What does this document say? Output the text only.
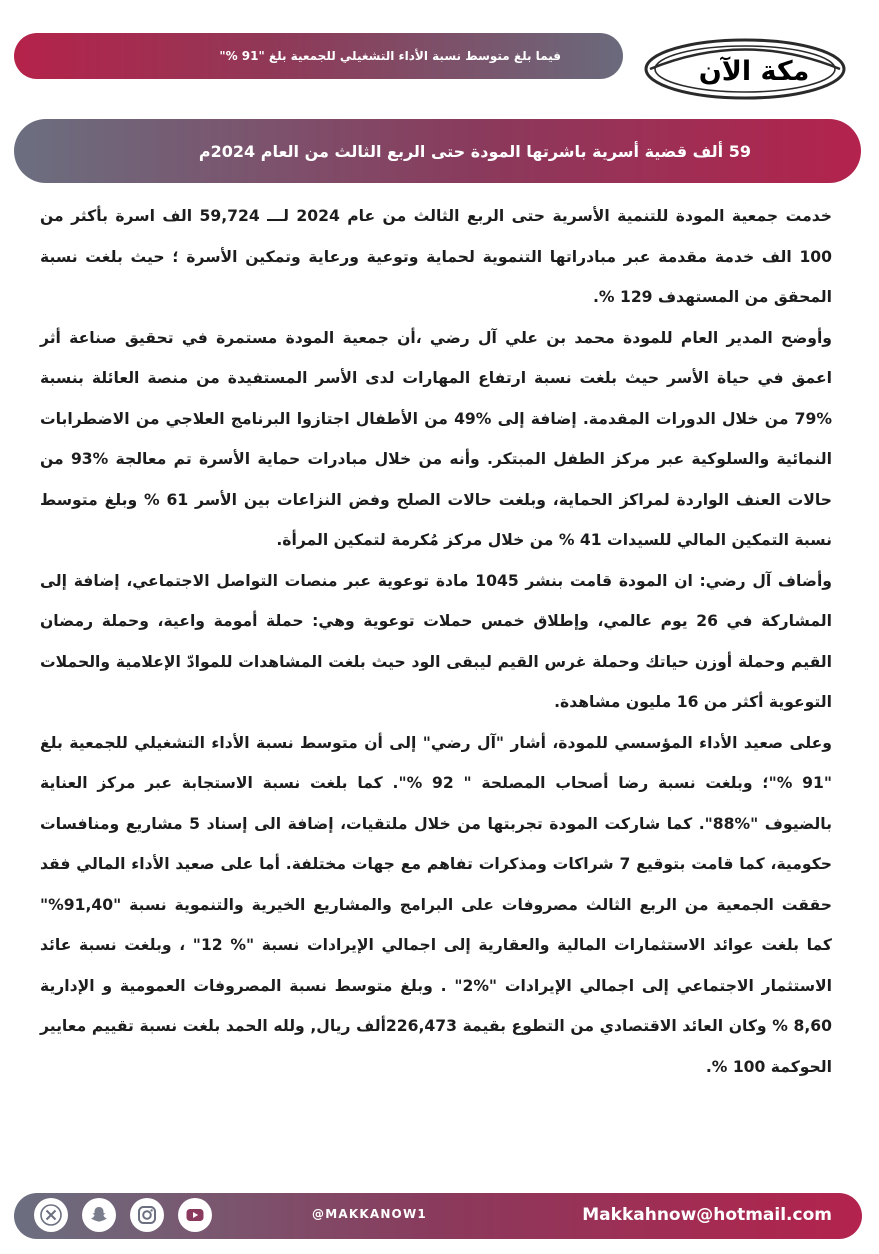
مكة الآن
فيما بلغ متوسط نسبة الأداء التشغيلي للجمعية بلغ "91 %"
59 ألف قضية أسرية باشرتها المودة حتى الربع الثالث من العام 2024م

خدمت جمعية المودة للتنمية الأسرية حتى الربع الثالث من عام 2024 لـــ 59,724 الف اسرة بأكثر من 100 الف خدمة مقدمة عبر مبادراتها التنموية لحماية وتوعية ورعاية وتمكين الأسرة ؛ حيث بلغت نسبة المحقق من المستهدف 129 %.

وأوضح المدير العام للمودة محمد بن علي آل رضي ،أن جمعية المودة مستمرة في تحقيق صناعة أثر اعمق في حياة الأسر حيث بلغت نسبة ارتفاع المهارات لدى الأسر المستفيدة من منصة العائلة بنسبة %79 من خلال الدورات المقدمة. إضافة إلى %49 من الأطفال اجتازوا البرنامج العلاجي من الاضطرابات النمائية والسلوكية عبر مركز الطفل المبتكر. وأنه من خلال مبادرات حماية الأسرة تم معالجة %93 من حالات العنف الواردة لمراكز الحماية، وبلغت حالات الصلح وفض النزاعات بين الأسر 61 % وبلغ متوسط نسبة التمكين المالي للسيدات 41 % من خلال مركز مُكرمة لتمكين المرأة.

وأضاف آل رضي: ان المودة قامت بنشر 1045 مادة توعوية عبر منصات التواصل الاجتماعي، إضافة إلى المشاركة في 26 يوم عالمي، وإطلاق خمس حملات توعوية وهي: حملة أمومة واعية، وحملة رمضان القيم وحملة أوزن حياتك وحملة غرس القيم ليبقى الود حيث بلغت المشاهدات للموادّ الإعلامية والحملات التوعوية أكثر من 16 مليون مشاهدة.

وعلى صعيد الأداء المؤسسي للمودة، أشار "آل رضي" إلى أن متوسط نسبة الأداء التشغيلي للجمعية بلغ "91 %"؛ وبلغت نسبة رضا أصحاب المصلحة " 92 %". كما بلغت نسبة الاستجابة عبر مركز العناية بالضيوف "%88". كما شاركت المودة تجربتها من خلال ملتقيات، إضافة الى إسناد 5 مشاريع ومنافسات حكومية، كما قامت بتوقيع 7 شراكات ومذكرات تفاهم مع جهات مختلفة. أما على صعيد الأداء المالي فقد حققت الجمعية من الربع الثالث مصروفات على البرامج والمشاريع الخيرية والتنموية نسبة "91,40%" كما بلغت عوائد الاستثمارات المالية والعقارية إلى اجمالي الإيرادات نسبة "% 12" ، وبلغت نسبة عائد الاستثمار الاجتماعي إلى اجمالي الإيرادات "%2" . وبلغ متوسط نسبة المصروفات العمومية و الإدارية 8,60 % وكان العائد الاقتصادي من التطوع بقيمة 226,473ألف ريال, ولله الحمد بلغت نسبة تقييم معايير الحوكمة 100 %.

@MAKKANOW1	Makkahnow@hotmail.com
